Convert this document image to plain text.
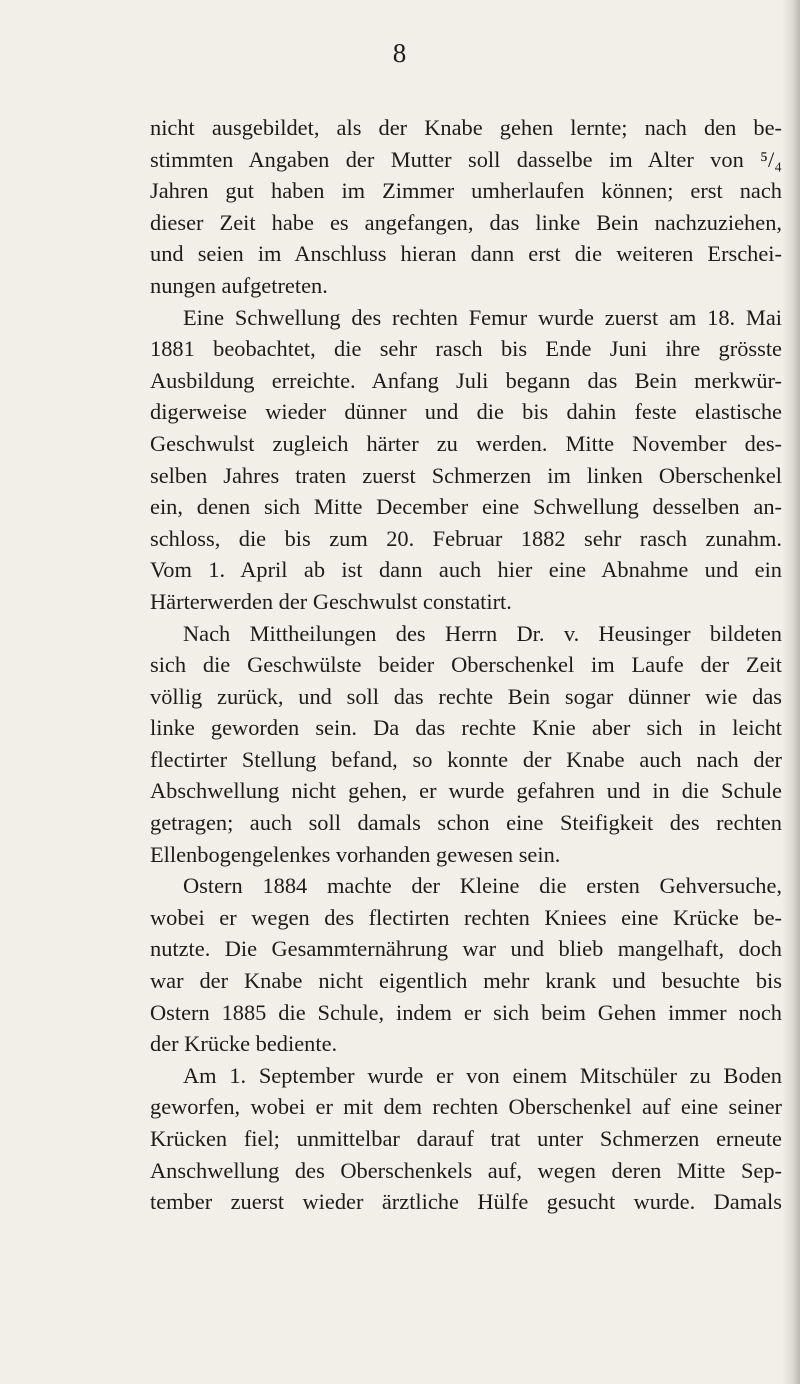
8
nicht ausgebildet, als der Knabe gehen lernte; nach den be-
stimmten Angaben der Mutter soll dasselbe im Alter von ⁵/₄
Jahren gut haben im Zimmer umherlaufen können; erst nach
dieser Zeit habe es angefangen, das linke Bein nachzuziehen,
und seien im Anschluss hieran dann erst die weiteren Erschei-
nungen aufgetreten.
Eine Schwellung des rechten Femur wurde zuerst am 18. Mai
1881 beobachtet, die sehr rasch bis Ende Juni ihre grösste
Ausbildung erreichte. Anfang Juli begann das Bein merkwür-
digerweise wieder dünner und die bis dahin feste elastische
Geschwulst zugleich härter zu werden. Mitte November des-
selben Jahres traten zuerst Schmerzen im linken Oberschenkel
ein, denen sich Mitte December eine Schwellung desselben an-
schloss, die bis zum 20. Februar 1882 sehr rasch zunahm.
Vom 1. April ab ist dann auch hier eine Abnahme und ein
Härterwerden der Geschwulst constatirt.
Nach Mittheilungen des Herrn Dr. v. Heusinger bildeten
sich die Geschwülste beider Oberschenkel im Laufe der Zeit
völlig zurück, und soll das rechte Bein sogar dünner wie das
linke geworden sein. Da das rechte Knie aber sich in leicht
flectirter Stellung befand, so konnte der Knabe auch nach der
Abschwellung nicht gehen, er wurde gefahren und in die Schule
getragen; auch soll damals schon eine Steifigkeit des rechten
Ellenbogengelenkes vorhanden gewesen sein.
Ostern 1884 machte der Kleine die ersten Gehversuche,
wobei er wegen des flectirten rechten Kniees eine Krücke be-
nutzte. Die Gesammternährung war und blieb mangelhaft, doch
war der Knabe nicht eigentlich mehr krank und besuchte bis
Ostern 1885 die Schule, indem er sich beim Gehen immer noch
der Krücke bediente.
Am 1. September wurde er von einem Mitschüler zu Boden
geworfen, wobei er mit dem rechten Oberschenkel auf eine seiner
Krücken fiel; unmittelbar darauf trat unter Schmerzen erneute
Anschwellung des Oberschenkels auf, wegen deren Mitte Sep-
tember zuerst wieder ärztliche Hülfe gesucht wurde. Damals
